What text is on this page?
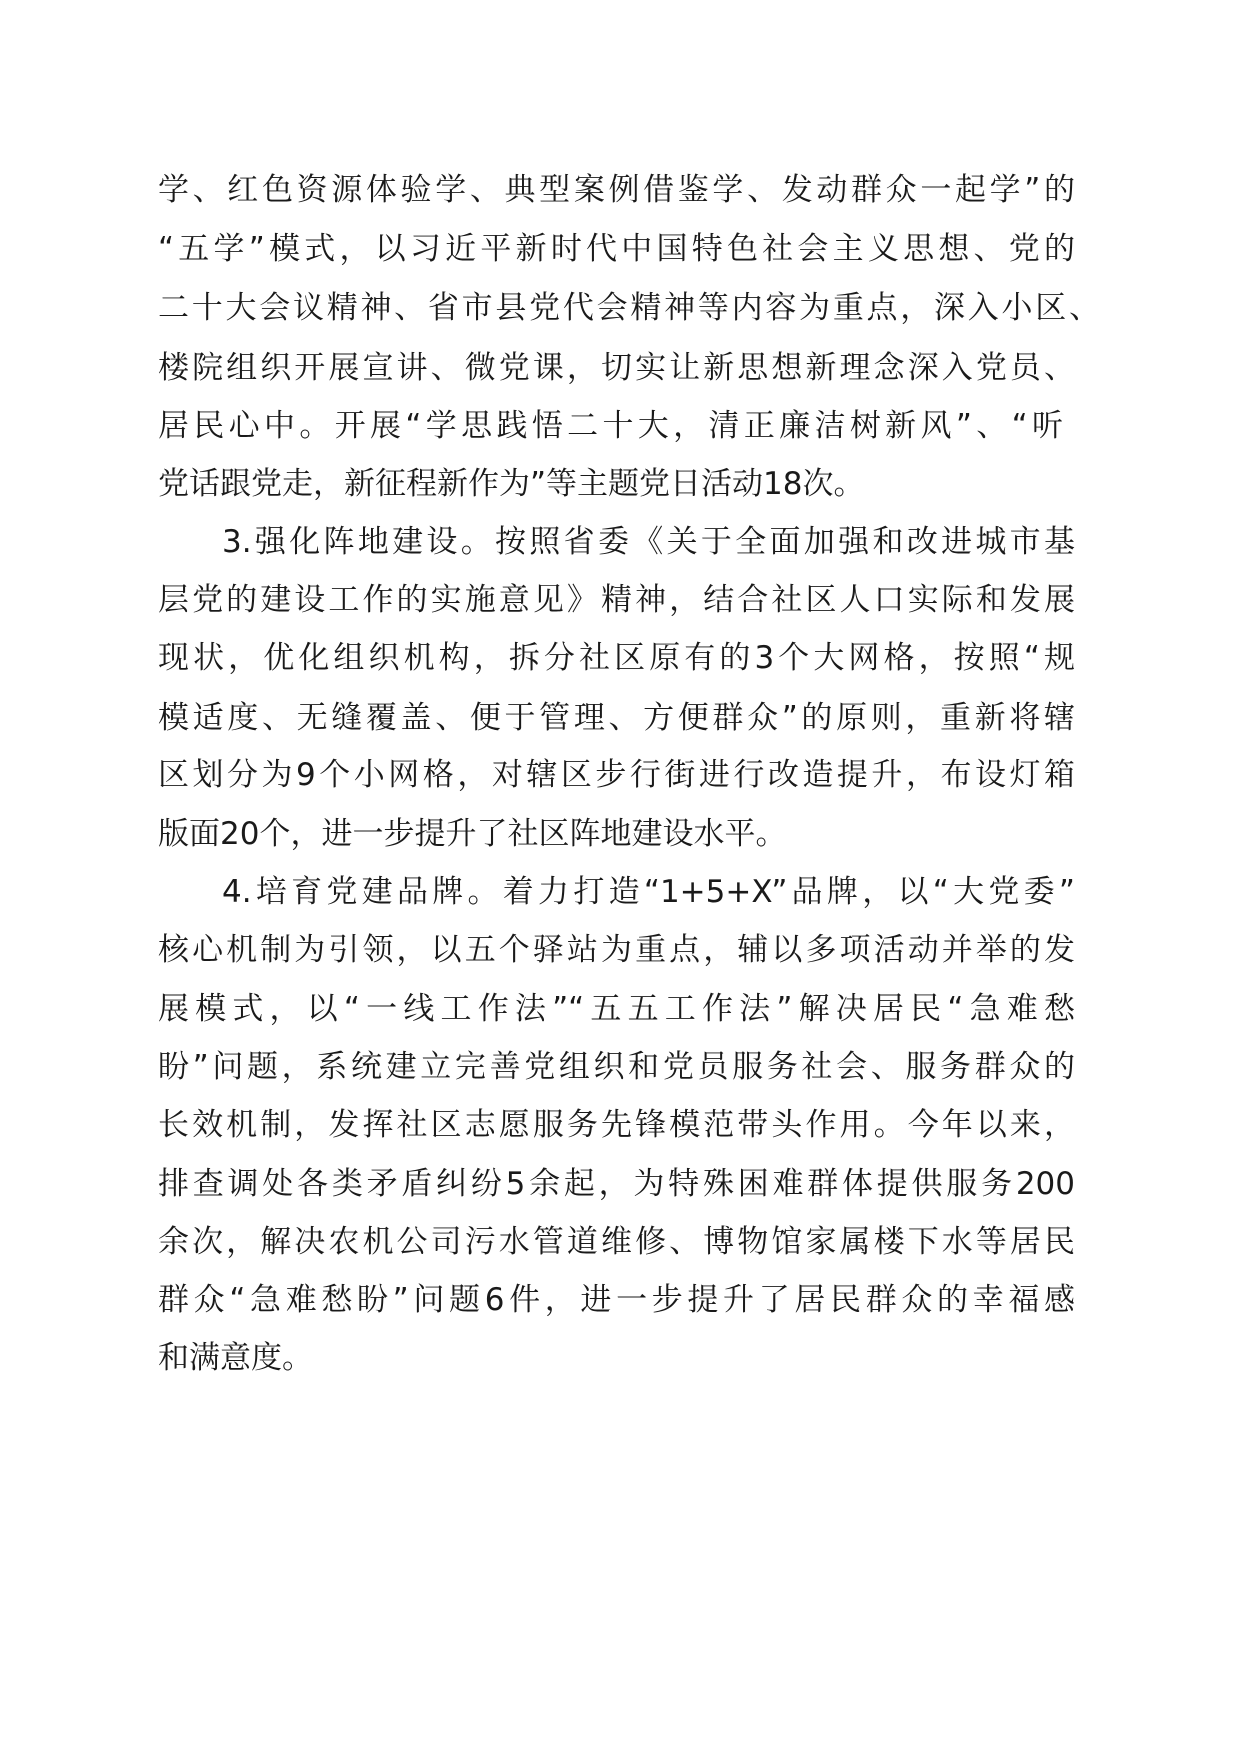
学、红色资源体验学、典型案例借鉴学、发动群众一起学”的
“五学”模式，以习近平新时代中国特色社会主义思想、党的
二十大会议精神、省市县党代会精神等内容为重点，深入小区、
楼院组织开展宣讲、微党课，切实让新思想新理念深入党员、
居民心中。开展“学思践悟二十大，清正廉洁树新风”、“听
党话跟党走，新征程新作为”等主题党日活动18次。
3.强化阵地建设。按照省委《关于全面加强和改进城市基
层党的建设工作的实施意见》精神，结合社区人口实际和发展
现状，优化组织机构，拆分社区原有的3个大网格，按照“规
模适度、无缝覆盖、便于管理、方便群众”的原则，重新将辖
区划分为9个小网格，对辖区步行街进行改造提升，布设灯箱
版面20个，进一步提升了社区阵地建设水平。
4.培育党建品牌。着力打造“1+5+X”品牌，以“大党委”
核心机制为引领，以五个驿站为重点，辅以多项活动并举的发
展模式，以“一线工作法”“五五工作法”解决居民“急难愁
盼”问题，系统建立完善党组织和党员服务社会、服务群众的
长效机制，发挥社区志愿服务先锋模范带头作用。今年以来，
排查调处各类矛盾纠纷5余起，为特殊困难群体提供服务200
余次，解决农机公司污水管道维修、博物馆家属楼下水等居民
群众“急难愁盼”问题6件，进一步提升了居民群众的幸福感
和满意度。
